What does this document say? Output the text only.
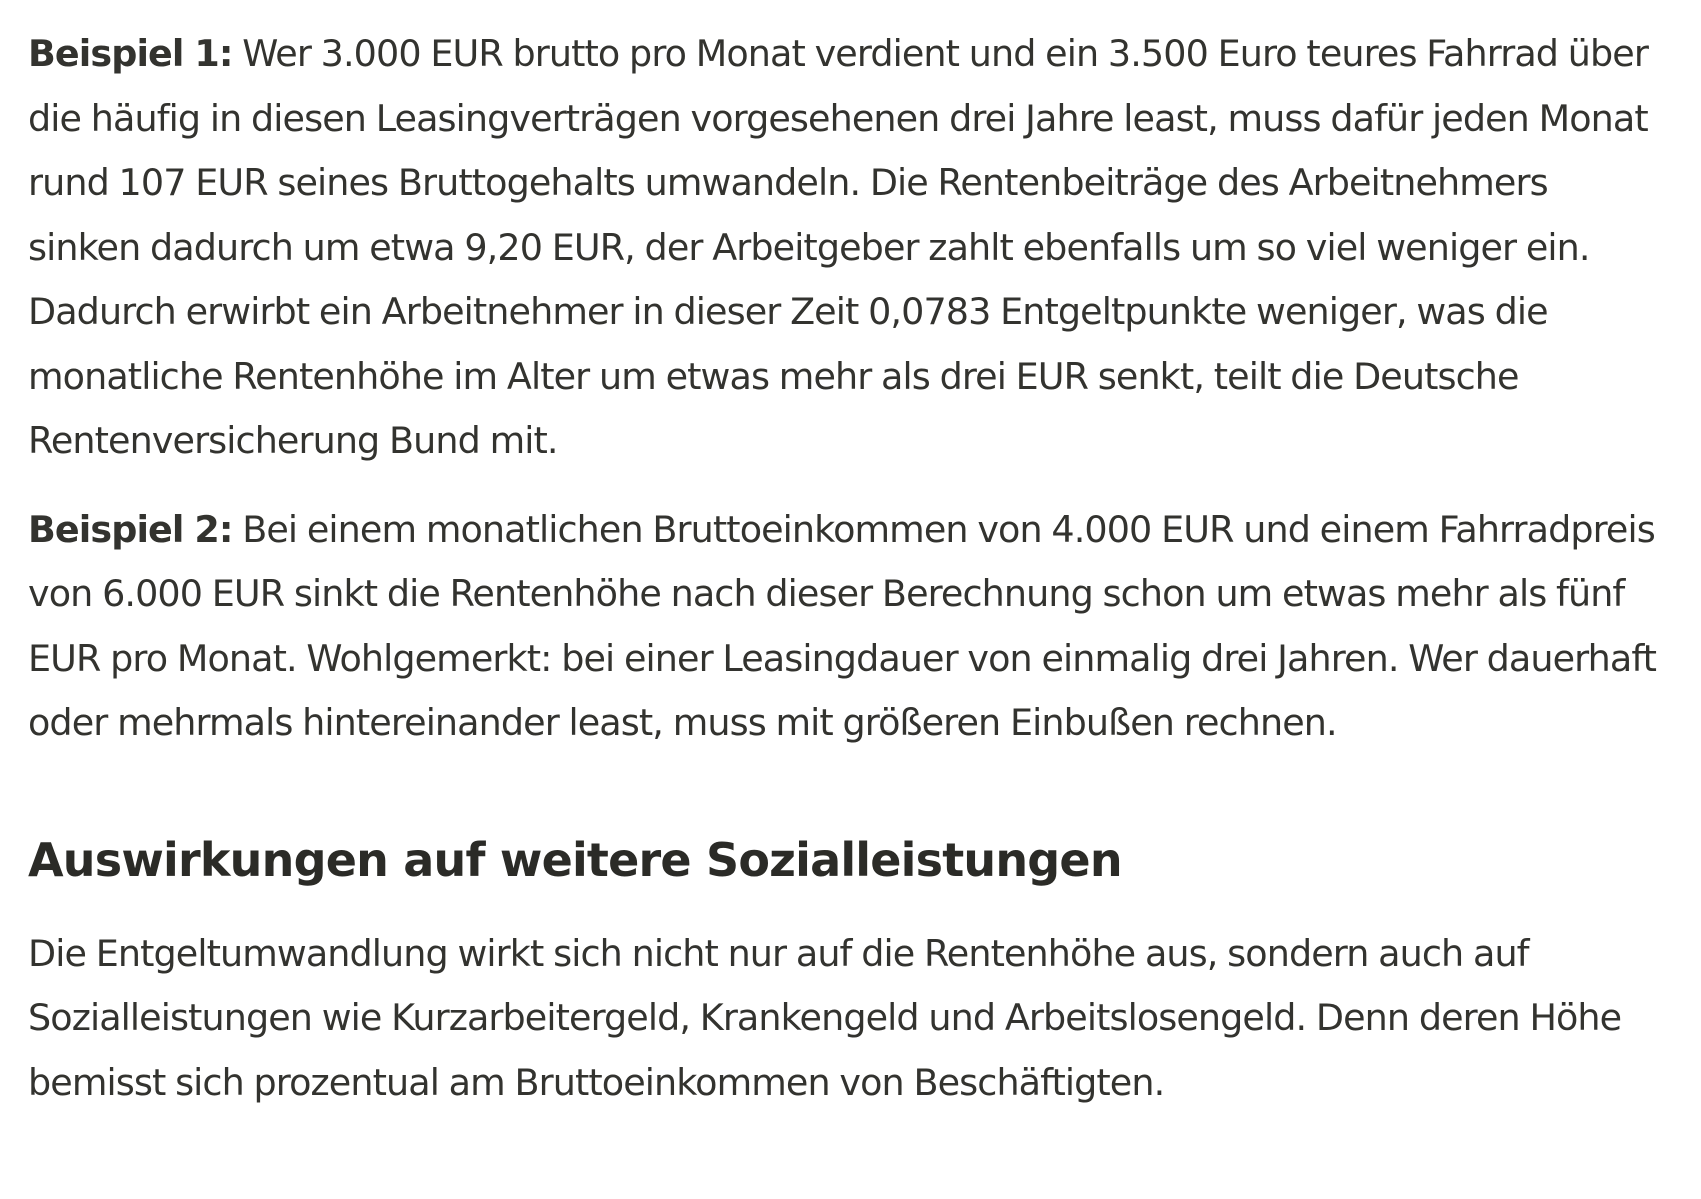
Beispiel 1: Wer 3.000 EUR brutto pro Monat verdient und ein 3.500 Euro teures Fahrrad über die häufig in diesen Leasingverträgen vorgesehenen drei Jahre least, muss dafür jeden Monat rund 107 EUR seines Bruttogehalts umwandeln. Die Rentenbeiträge des Arbeitnehmers sinken dadurch um etwa 9,20 EUR, der Arbeitgeber zahlt ebenfalls um so viel weniger ein. Dadurch erwirbt ein Arbeitnehmer in dieser Zeit 0,0783 Entgeltpunkte weniger, was die monatliche Rentenhöhe im Alter um etwas mehr als drei EUR senkt, teilt die Deutsche Rentenversicherung Bund mit.

Beispiel 2: Bei einem monatlichen Bruttoeinkommen von 4.000 EUR und einem Fahrradpreis von 6.000 EUR sinkt die Rentenhöhe nach dieser Berechnung schon um etwas mehr als fünf EUR pro Monat. Wohlgemerkt: bei einer Leasingdauer von einmalig drei Jahren. Wer dauerhaft oder mehrmals hintereinander least, muss mit größeren Einbußen rechnen.

Auswirkungen auf weitere Sozialleistungen

Die Entgeltumwandlung wirkt sich nicht nur auf die Rentenhöhe aus, sondern auch auf Sozialleistungen wie Kurzarbeitergeld, Krankengeld und Arbeitslosengeld. Denn deren Höhe bemisst sich prozentual am Bruttoeinkommen von Beschäftigten.
